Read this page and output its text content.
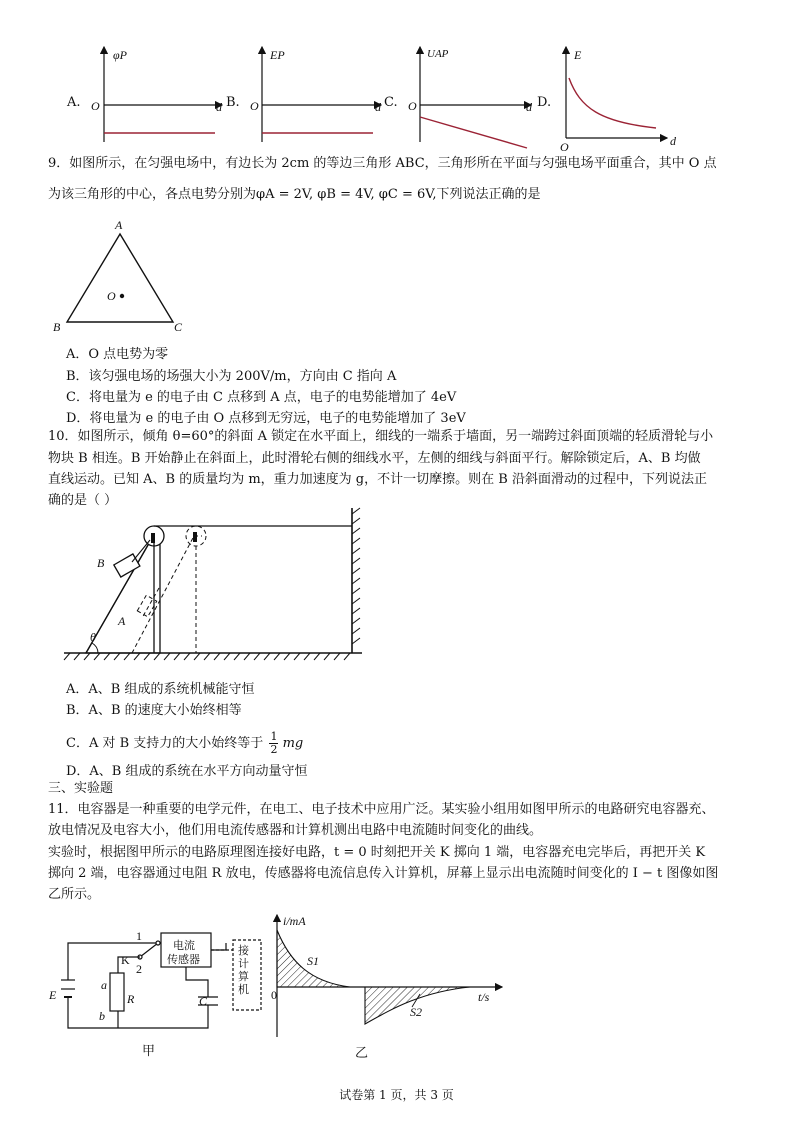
A.	B.	C.	D.
φP
O	d
EP
O	d
UAP
O	d
E
O	d
9．如图所示，在匀强电场中，有边长为 2cm 的等边三角形 ABC，三角形所在平面与匀强电场平面重合，其中 O 点
为该三角形的中心，各点电势分别为φA = 2V, φB = 4V, φC = 6V,下列说法正确的是
A
B	C
O
A．O 点电势为零
B．该匀强电场的场强大小为 200V/m，方向由 C 指向 A
C．将电量为 e 的电子由 C 点移到 A 点，电子的电势能增加了 4eV
D．将电量为 e 的电子由 O 点移到无穷远，电子的电势能增加了 3eV
10．如图所示，倾角 θ=60°的斜面 A 锁定在水平面上，细线的一端系于墙面，另一端跨过斜面顶端的轻质滑轮与小
物块 B 相连。B 开始静止在斜面上，此时滑轮右侧的细线水平，左侧的细线与斜面平行。解除锁定后，A、B 均做
直线运动。已知 A、B 的质量均为 m，重力加速度为 g，不计一切摩擦。则在 B 沿斜面滑动的过程中，下列说法正
确的是（ ）
B
A
θ
A．A、B 组成的系统机械能守恒
B．A、B 的速度大小始终相等
C．A 对 B 支持力的大小始终等于 $\frac{1}{2}$ mg
D．A、B 组成的系统在水平方向动量守恒
三、实验题
11．电容器是一种重要的电学元件，在电工、电子技术中应用广泛。某实验小组用如图甲所示的电路研究电容器充、
放电情况及电容大小，他们用电流传感器和计算机测出电路中电流随时间变化的曲线。
实验时，根据图甲所示的电路原理图连接好电路，t = 0 时刻把开关 K 掷向 1 端，电容器充电完毕后，再把开关 K
掷向 2 端，电容器通过电阻 R 放电，传感器将电流信息传入计算机，屏幕上显示出电流随时间变化的 I − t 图像如图
乙所示。
1
2
K
E
a
b
R	C
电流
传感器
接
计
算
机
甲
i/mA
t/s
0
S1
S2
乙
试卷第 1 页，共 3 页
